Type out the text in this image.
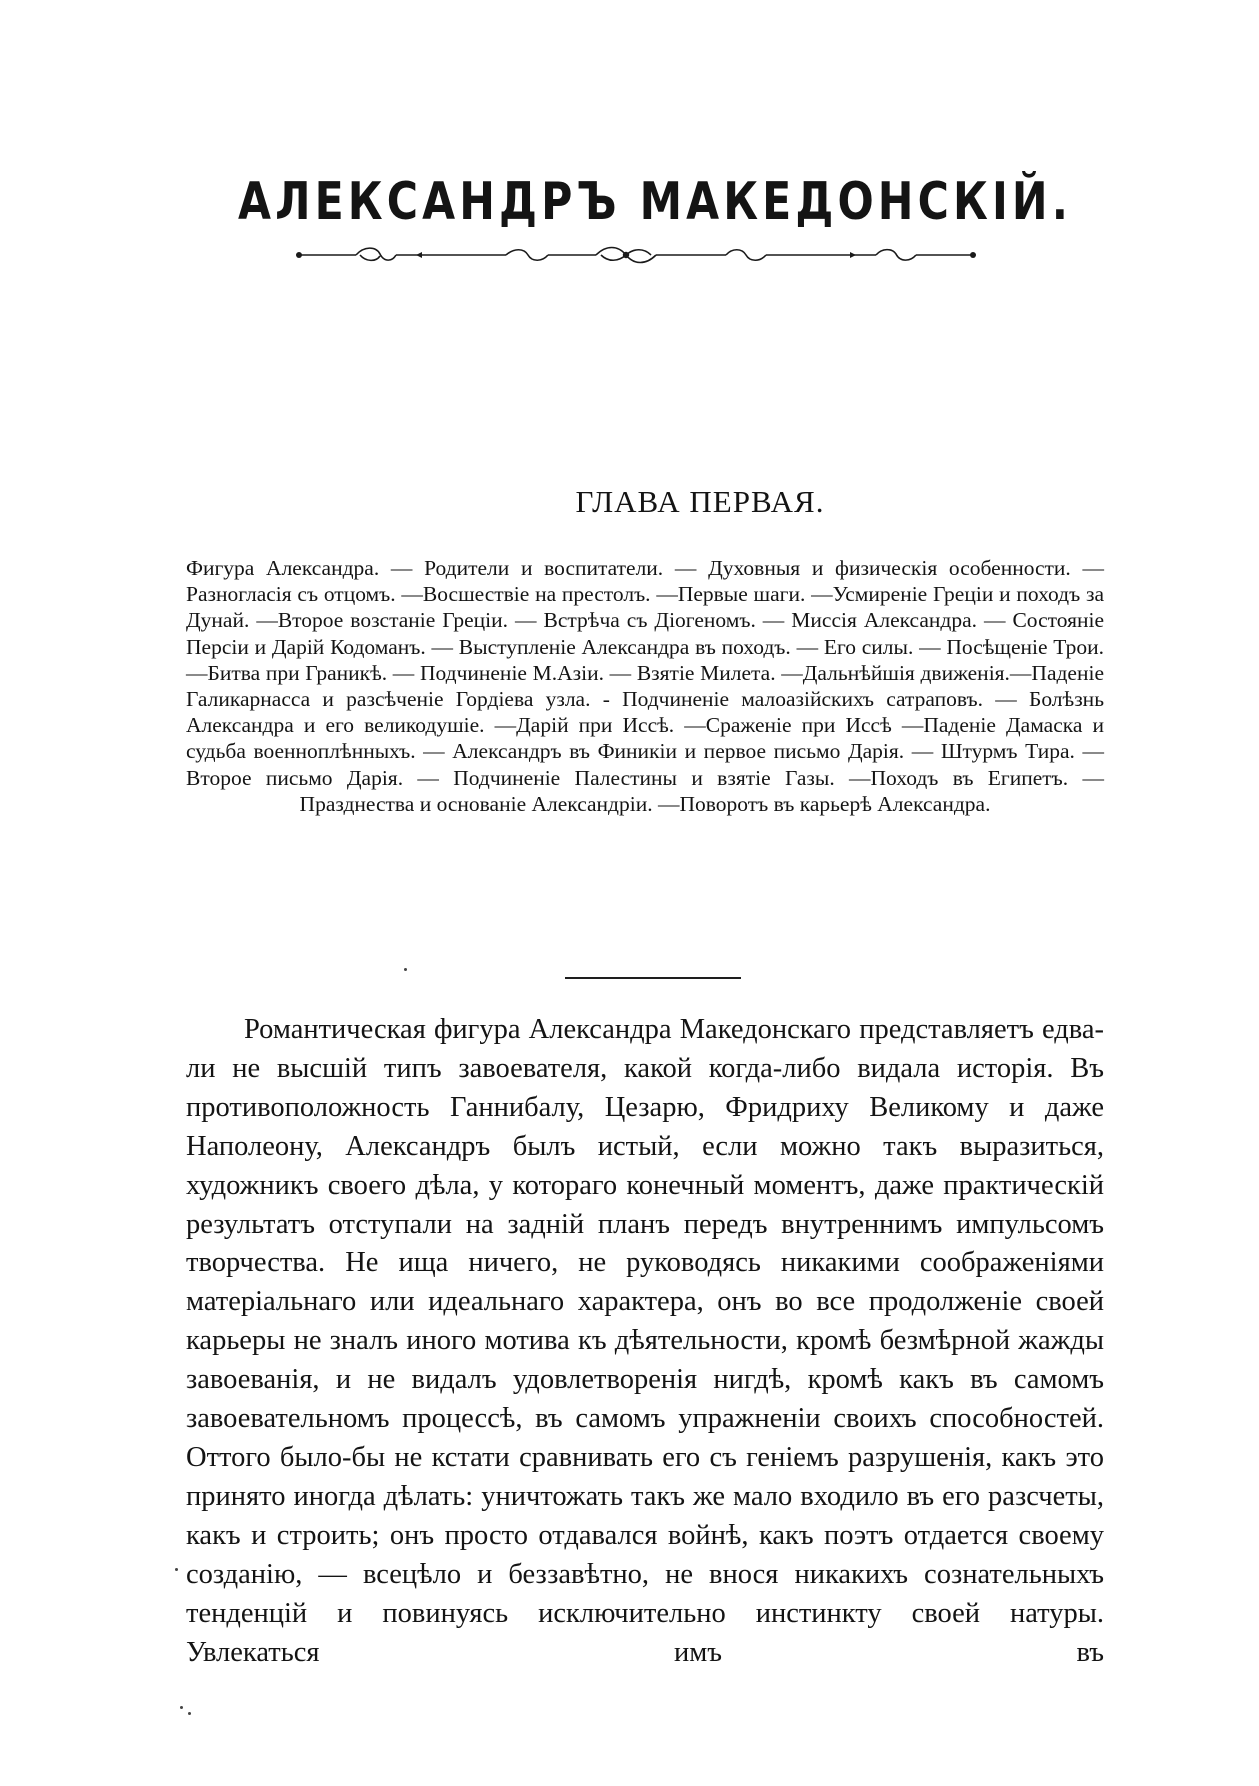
АЛЕКСАНДРЪ МАКЕДОНСКІЙ.
ГЛАВА ПЕРВАЯ.
Фигура Александра. — Родители и воспитатели. — Духовныя и физическія особенности. —Разногласія съ отцомъ. —Восшествіе на престолъ. —Первые шаги. —Усмиреніе Греціи и походъ за Дунай. —Второе возстаніе Греціи. — Встрѣча съ Діогеномъ. — Миссія Александра. — Состояніе Персіи и Дарій Кодоманъ. — Выступленіе Александра въ походъ. — Его силы. — Посѣщеніе Трои. —Битва при Граникѣ. — Подчиненіе М.Азіи. — Взятіе Милета. —Дальнѣйшія движенія.—Паденіе Галикарнасса и разсѣченіе Гордіева узла. - Подчиненіе малоазійскихъ сатраповъ. — Болѣзнь Александра и его великодушіе. —Дарій при Иссѣ. —Сраженіе при Иссѣ —Паденіе Дамаска и судьба военноплѣнныхъ. — Александръ въ Финикіи и первое письмо Дарія. — Штурмъ Тира. — Второе письмо Дарія. — Подчиненіе Палестины и взятіе Газы. —Походъ въ Египетъ. —Празднества и основаніе Александріи. —Поворотъ въ карьерѣ Александра.
Романтическая фигура Александра Македонскаго представляетъ едва-ли не высшій типъ завоевателя, какой когда-либо видала исторія. Въ противоположность Ганнибалу, Цезарю, Фридриху Великому и даже Наполеону, Александръ былъ истый, если можно такъ выразиться, художникъ своего дѣла, у котораго конечный моментъ, даже практическій результатъ отступали на задній планъ передъ внутреннимъ импульсомъ творчества. Не ища ничего, не руководясь никакими соображеніями матеріальнаго или идеальнаго характера, онъ во все продолженіе своей карьеры не зналъ иного мотива къ дѣятельности, кромѣ безмѣрной жажды завоеванія, и не видалъ удовлетворенія нигдѣ, кромѣ какъ въ самомъ завоевательномъ процессѣ, въ самомъ упражненіи своихъ способностей. Оттого было-бы не кстати сравнивать его съ геніемъ разрушенія, какъ это принято иногда дѣлать: уничтожать такъ же мало входило въ его разсчеты, какъ и строить; онъ просто отдавался войнѣ, какъ поэтъ отдается своему созданію, — всецѣло и беззавѣтно, не внося никакихъ сознательныхъ тенденцій и повинуясь исключительно инстинкту своей натуры. Увлекаться имъ въ
